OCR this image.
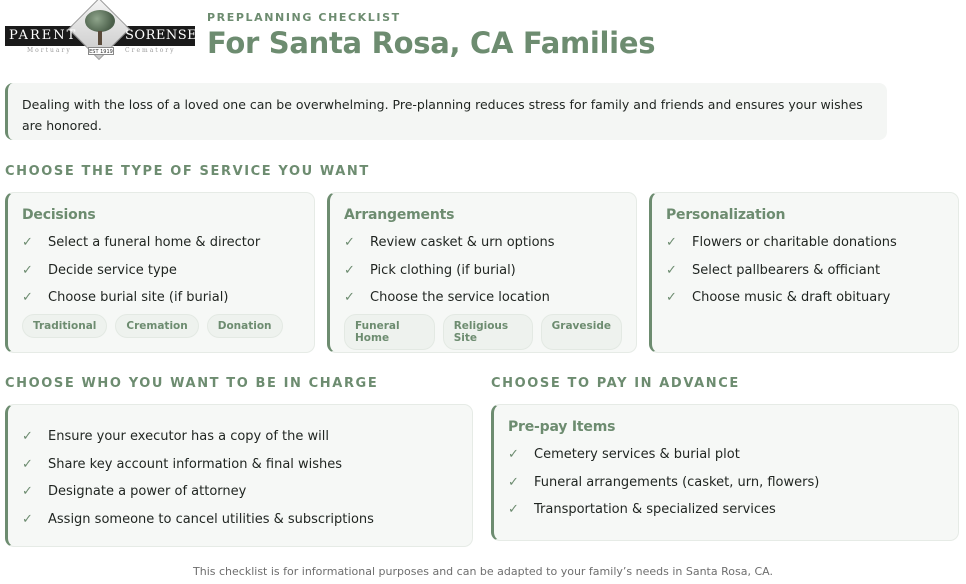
PARENT	SORENSEN
Mortuary	Crematory
EST 1919
PREPLANNING CHECKLIST
For Santa Rosa, CA Families
Dealing with the loss of a loved one can be overwhelming. Pre-planning reduces stress for family and friends and ensures your wishes are honored.
CHOOSE THE TYPE OF SERVICE YOU WANT
Decisions
✓	Select a funeral home & director
✓	Decide service type
✓	Choose burial site (if burial)
Traditional	Cremation	Donation
Arrangements
✓	Review casket & urn options
✓	Pick clothing (if burial)
✓	Choose the service location
Funeral Home
Religious Site
Graveside
Personalization
✓	Flowers or charitable donations
✓	Select pallbearers & officiant
✓	Choose music & draft obituary
CHOOSE WHO YOU WANT TO BE IN CHARGE
✓	Ensure your executor has a copy of the will
✓	Share key account information & final wishes
✓	Designate a power of attorney
✓	Assign someone to cancel utilities & subscriptions
CHOOSE TO PAY IN ADVANCE
Pre-pay Items
✓	Cemetery services & burial plot
✓	Funeral arrangements (casket, urn, flowers)
✓	Transportation & specialized services
This checklist is for informational purposes and can be adapted to your family’s needs in Santa Rosa, CA.
